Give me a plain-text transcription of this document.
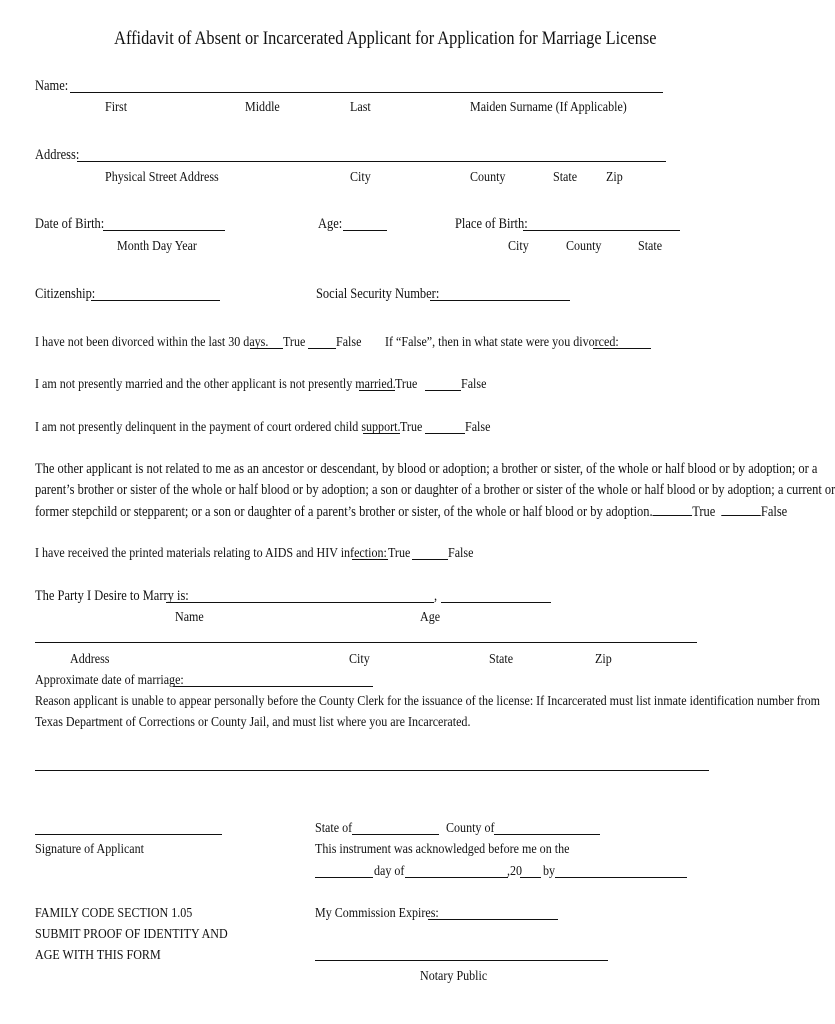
Affidavit of Absent or Incarcerated Applicant for Application for Marriage License
Name:
First	Middle	Last	Maiden Surname (If Applicable)
Address:
Physical Street Address	City	County	State Zip
Date of Birth:
Month Day Year
Age:	Place of Birth:
City	County	State
Citizenship:	Social Security Number:
I have not been divorced within the last 30 days. True False If “False”, then in what state were you divorced:
I am not presently married and the other applicant is not presently married. True	False
I am not presently delinquent in the payment of court ordered child support. True	False

The other applicant is not related to me as an ancestor or descendant, by blood or adoption; a brother or sister, of the whole or half blood or by adoption; or a

parent’s brother or sister of the whole or half blood or by adoption; a son or daughter of a brother or sister of the whole or half blood or by adoption; a current or

former stepchild or stepparent; or a son or daughter of a parent’s brother or sister, of the whole or half blood or by adoption.	True	False

I have received the printed materials relating to AIDS and HIV infection: True	False
The Party I Desire to Marry is:	,
Name	Age
Address	City	State	Zip
Approximate date of marriage:
Reason applicant is unable to appear personally before the County Clerk for the issuance of the license: If Incarcerated must list inmate identification number from
Texas Department of Corrections or County Jail, and must list where you are Incarcerated.
Signature of Applicant
FAMILY CODE SECTION 1.05
SUBMIT PROOF OF IDENTITY AND
AGE WITH THIS FORM
State of	County of
This instrument was acknowledged before me on the
day of	,20 by
My Commission Expires:
Notary Public
